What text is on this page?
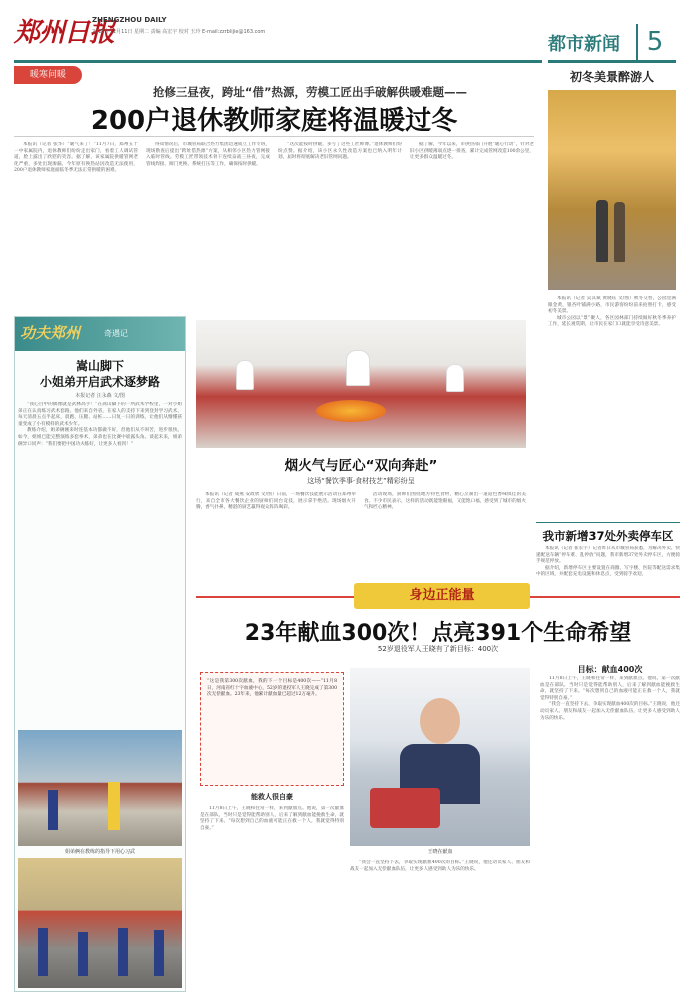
郑州日报
ZHENGZHOU DAILY
2025年11月11日 星期二 责编 高宏宇 校对 玉玲 E-mail:zzrblijie@163.com
都市新闻	5
暖寒问暖
抢修三昼夜，跨址“借”热源，劳模工匠出手破解供暖难题——
200户退休教师家庭将温暖过冬

本报讯（记者 张华）“暖气来了！”11月7日，郑州五十一中家属院内，退休教师们纷纷走出家门，看着工人调试管道，脸上露出了欣慰的笑容。据了解，该家属院供暖管网老化严重，多处出现渗漏，今年原有换热站因改造无法使用，200户退休教师家庭面临冬季无法正常供暖的困难。

得知情况后，市城管局联合热力集团迅速成立工作专班，现场勘查后提出“跨址借热源”方案，从相邻小区热力管网接入临时管线。劳模工匠带领技术骨干连续奋战三昼夜，完成管线焊接、阀门更换、系统打压等工作，确保按时供暖。

“这次能按时供暖，多亏了这些工匠师傅。”退休教师们纷纷点赞。据介绍，该小区永久性改造方案也已纳入明年计划，届时将彻底解决老旧管网问题。

据了解，今年以来，市供热部门开展“暖心行动”，针对老旧小区供暖薄弱点逐一排查，累计完成管网改造100余公里，让更多群众温暖过冬。

初冬美景醉游人

本报讯（记者 吴其斌 黄晓钰 文/图）秋冬交替，公园里满眼金黄，银杏叶铺满小路，市民游客纷纷前来拍照打卡，感受初冬美景。

城市公园以“景”聚人，各区园林部门持续做好秋冬季养护工作，延长观赏期，让市民在家门口就能享受诗意美景。

功夫郑州	奇遇记
嵩山脚下
小姐弟开启武术逐梦路
本报记者 汪永森 文/图

“我心目中的偶像就是武林高手！”在嵩山脚下的一所武术学校里，一对小姐弟正在认真练习武术套路。他们来自外省，在家人的支持下来到登封学习武术，每天清晨五点半起床，晨跑、压腿、站桩……日复一日的训练，让他们从懵懂孩童变成了小有模样的武术少年。

教练介绍，姐弟俩刚来时连基本功都做不好，但他们从不叫苦，进步很快。如今，姐姐已能完整演练多套拳术，弟弟也在比赛中崭露头角。谈起未来，姐弟俩异口同声：“我们要把中国功夫练好，让更多人看到！”

姐弟俩在教练的指导下用心习武
烟火气与匠心“双向奔赴”
这场“餐饮季事·食材技艺”精彩纷呈

本报讯（记者 成燕 安政欣 文/图）日前，一场餐饮技能展示活动在郑州举行，来自全市各大餐饮企业的厨师们同台竞技，展示拿手绝活。现场烟火升腾，香气扑鼻，精湛的厨艺赢得观众阵阵喝彩。

活动现场，厨师们围绕地方特色食材，精心烹制出一道道色香味俱佳的美食。不少市民表示，这样的活动既能饱眼福，又能饱口福，感受到了城市的烟火气和匠心精神。

我市新增37处外卖停车区

本报讯（记者 崔长宇）记者昨日从市城管局获悉，为解决外卖、快递配送车辆“停车难、乱停放”问题，我市新增37处外卖停车区，方便骑手规范停放。

据介绍，新增停车区主要设置在商圈、写字楼、医院等配送需求集中的区域，并配套充电设施和休息点，受到骑手欢迎。

身边正能量
23年献血300次！点亮391个生命希望
52岁退役军人王晓有了新目标：400次
“这是我第300次献血，我的下一个目标是400次——”11月8日，河南省红十字血液中心，52岁的退役军人王晓完成了第300次无偿献血。23年来，他累计献血量已超过12万毫升。
能救人很自豪

11月8日上午，王晓和往常一样，来到献血点。他说，第一次献血是在部队，当时只是觉得能帮助别人，后来了解到献血能挽救生命，就坚持了下来。“每次想到自己的血液可能正在救一个人，我就觉得特别自豪。”

王晓在献血

“我会一直坚持下去，争取实现献血400次的目标。”王晓说，他还动员家人、朋友和战友一起加入无偿献血队伍，让更多人感受到助人为乐的快乐。

目标：献血400次

11月8日上午，王晓和往常一样，来到献血点。他说，第一次献血是在部队，当时只是觉得能帮助别人，后来了解到献血能挽救生命，就坚持了下来。“每次想到自己的血液可能正在救一个人，我就觉得特别自豪。”

“我会一直坚持下去，争取实现献血400次的目标。”王晓说，他还动员家人、朋友和战友一起加入无偿献血队伍，让更多人感受到助人为乐的快乐。
